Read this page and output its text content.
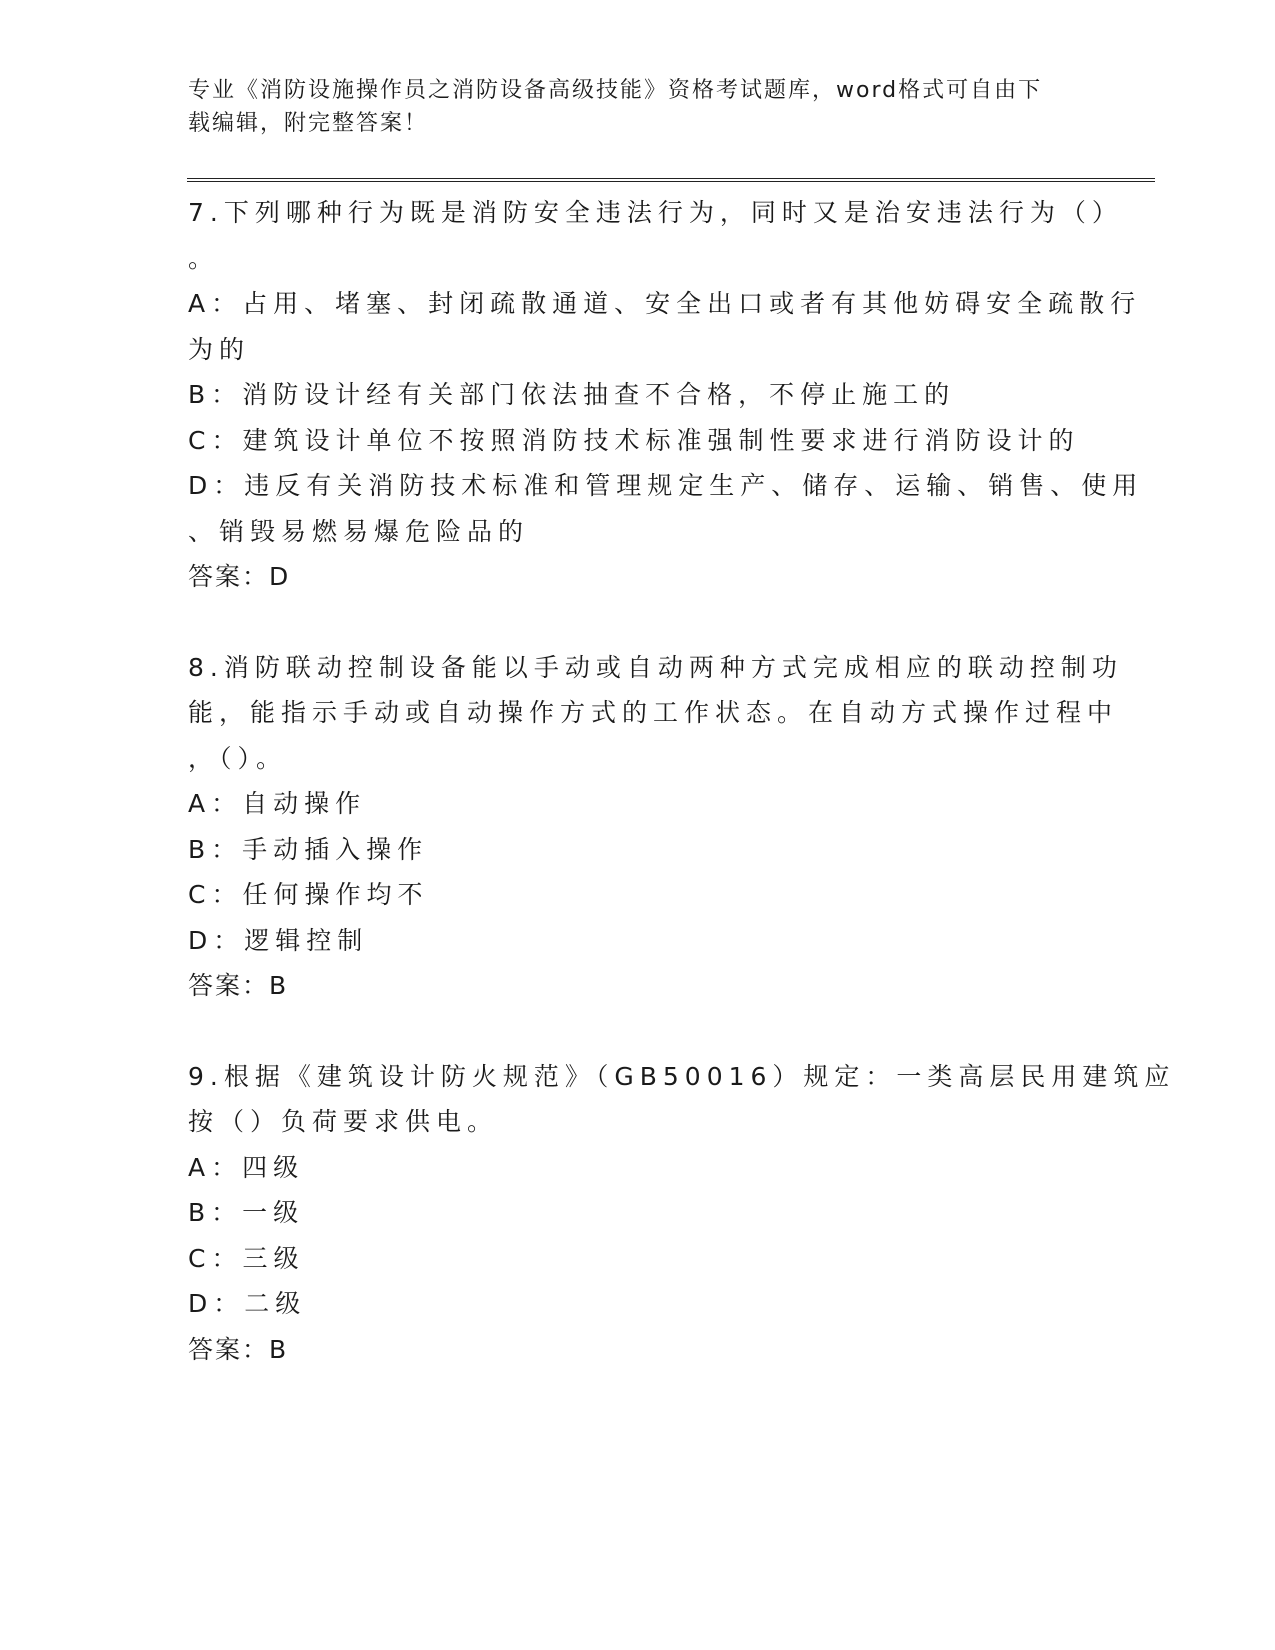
专业《消防设施操作员之消防设备高级技能》资格考试题库，word格式可自由下
载编辑，附完整答案！
7.下列哪种行为既是消防安全违法行为，同时又是治安违法行为（）
。
A：占用、堵塞、封闭疏散通道、安全出口或者有其他妨碍安全疏散行
为的
B：消防设计经有关部门依法抽查不合格，不停止施工的
C：建筑设计单位不按照消防技术标准强制性要求进行消防设计的
D：违反有关消防技术标准和管理规定生产、储存、运输、销售、使用
、销毁易燃易爆危险品的
答案：D
8.消防联动控制设备能以手动或自动两种方式完成相应的联动控制功
能，能指示手动或自动操作方式的工作状态。在自动方式操作过程中
，（）。
A：自动操作
B：手动插入操作
C：任何操作均不
D：逻辑控制
答案：B
9.根据《建筑设计防火规范》（GB50016）规定：一类高层民用建筑应
按（）负荷要求供电。
A：四级
B：一级
C：三级
D：二级
答案：B
